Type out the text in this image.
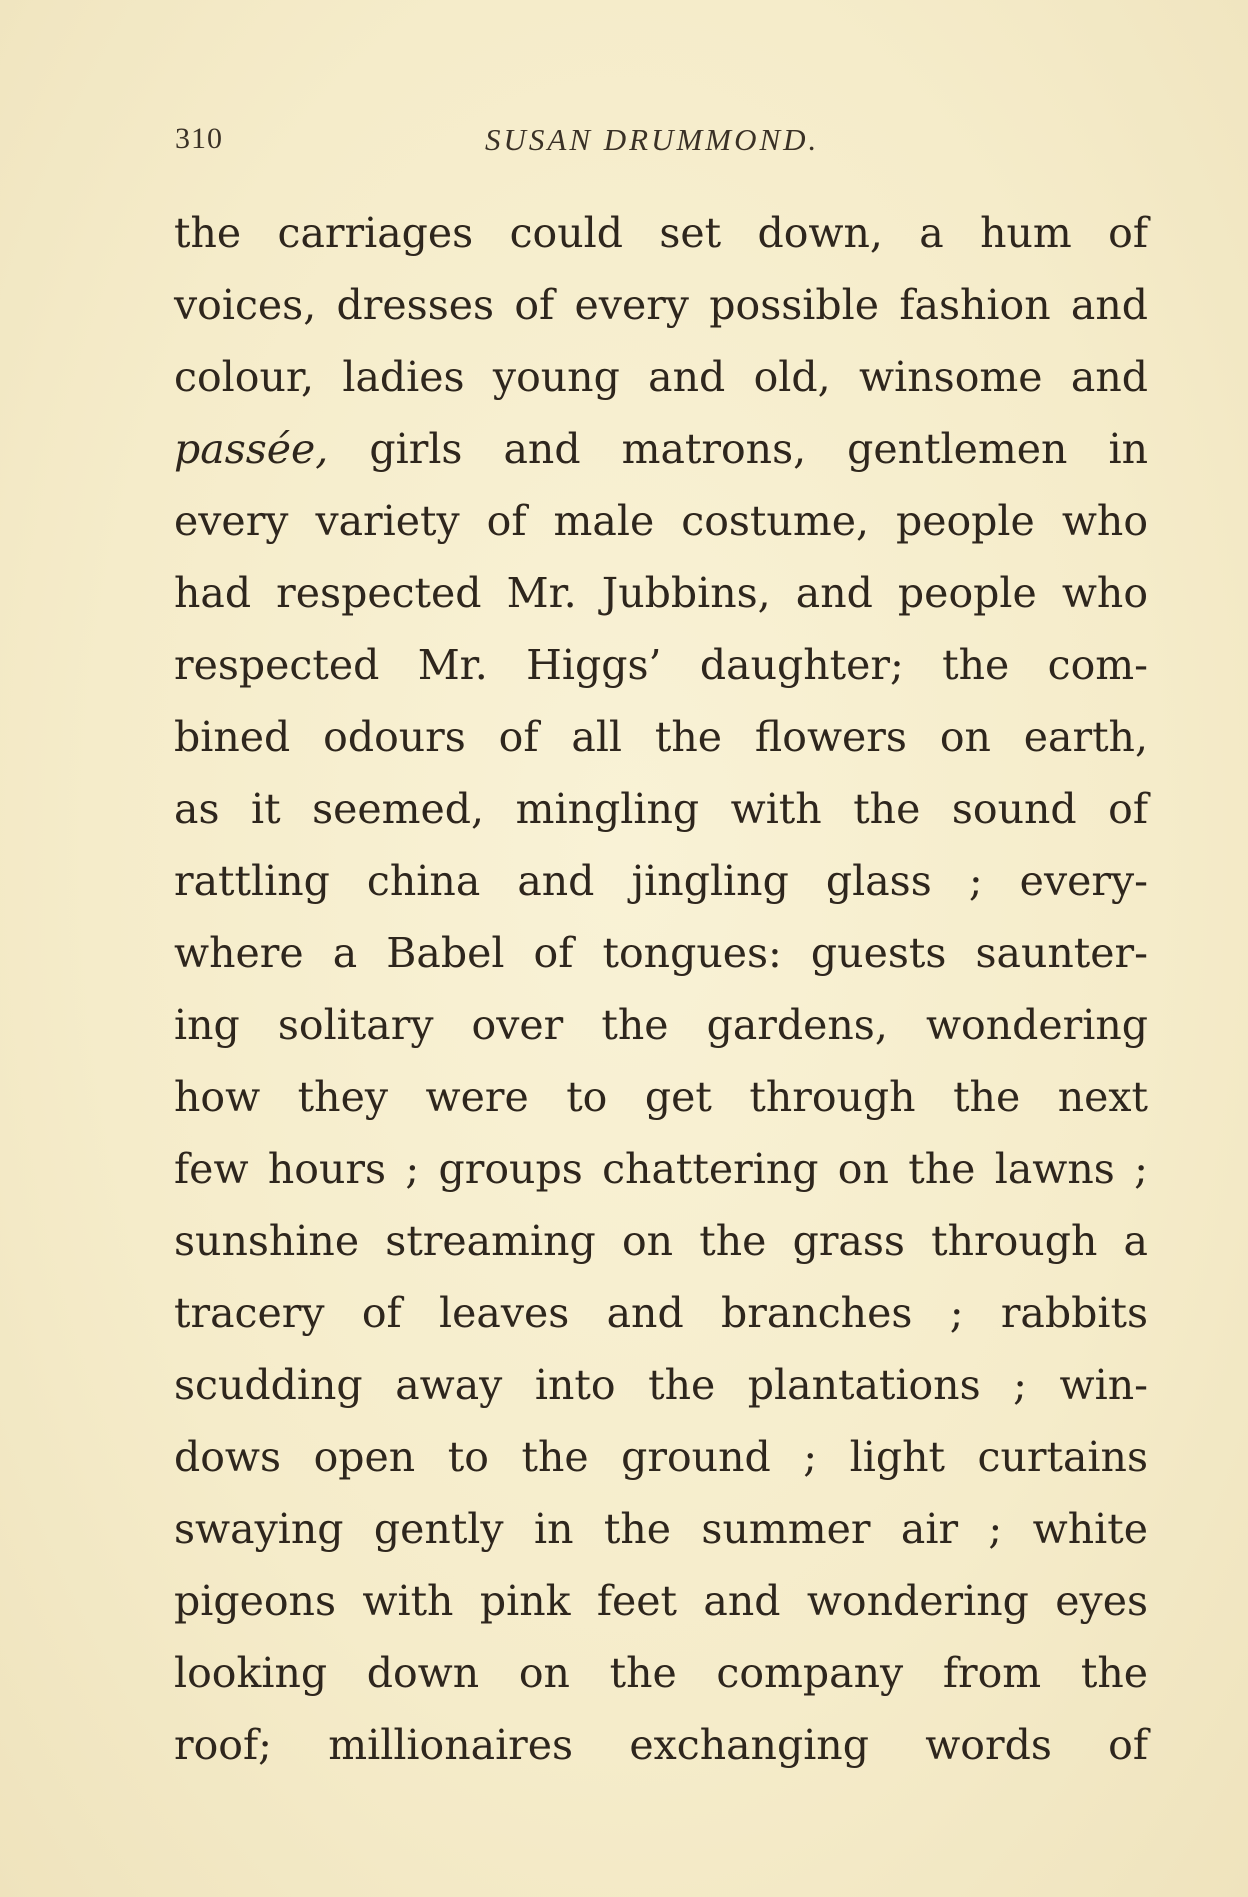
310	SUSAN DRUMMOND.
the carriages could set down, a hum of
voices, dresses of every possible fashion and
colour, ladies young and old, winsome and
passée, girls and matrons, gentlemen in
every variety of male costume, people who
had respected Mr. Jubbins, and people who
respected Mr. Higgs’ daughter; the com-
bined odours of all the flowers on earth,
as it seemed, mingling with the sound of
rattling china and jingling glass ; every-
where a Babel of tongues: guests saunter-
ing solitary over the gardens, wondering
how they were to get through the next
few hours ; groups chattering on the lawns ;
sunshine streaming on the grass through a
tracery of leaves and branches ; rabbits
scudding away into the plantations ; win-
dows open to the ground ; light curtains
swaying gently in the summer air ; white
pigeons with pink feet and wondering eyes
looking down on the company from the
roof; millionaires exchanging words of
